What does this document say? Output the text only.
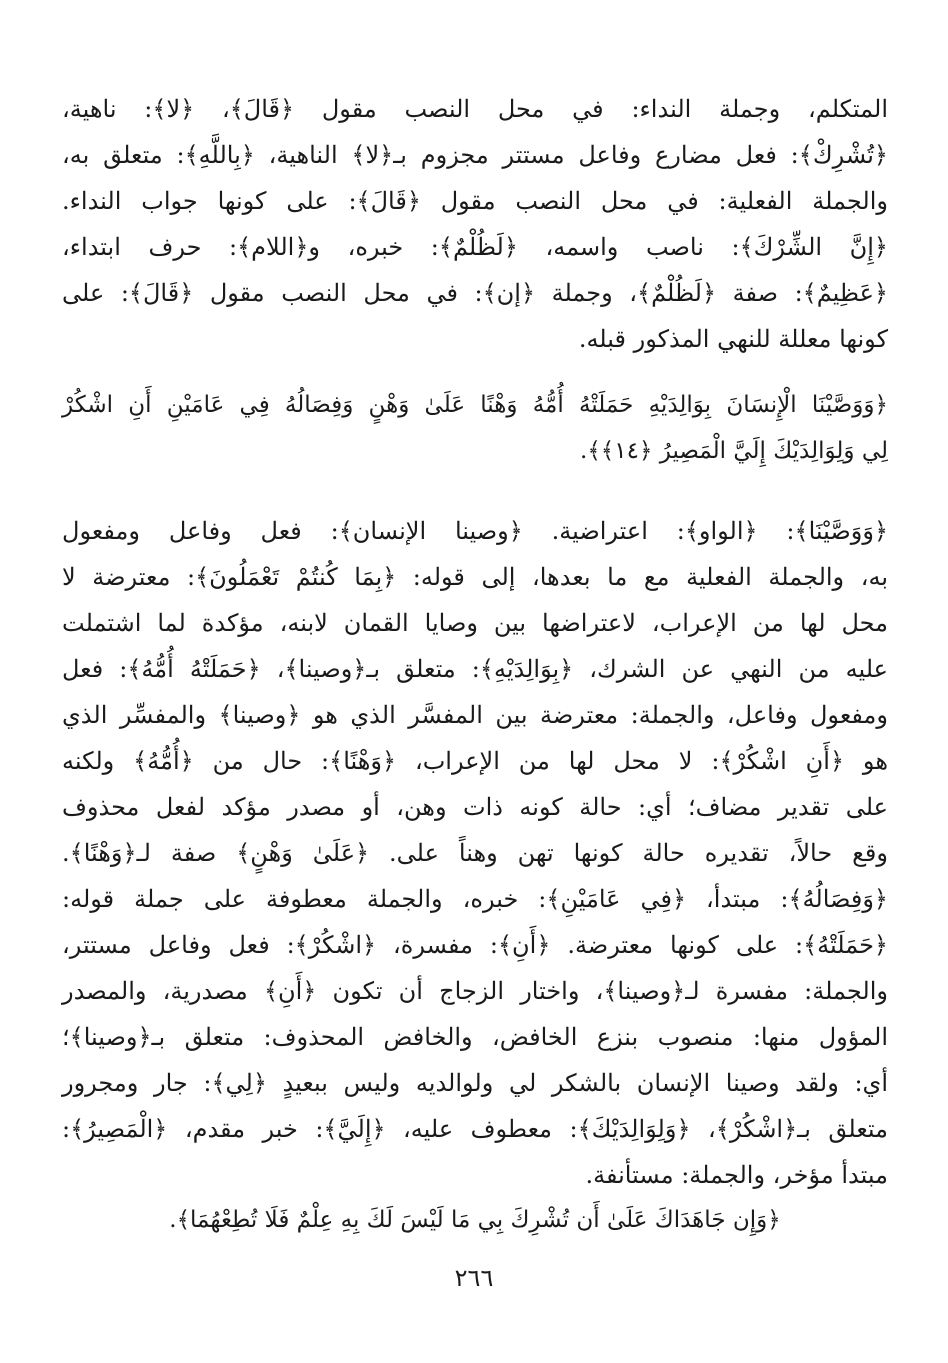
المتكلم، وجملة النداء: في محل النصب مقول ﴿قَالَ﴾، ﴿لا﴾: ناهية،
﴿تُشْرِكْ﴾: فعل مضارع وفاعل مستتر مجزوم بـ﴿لا﴾ الناهية، ﴿بِاللَّهِ﴾: متعلق به،
والجملة الفعلية: في محل النصب مقول ﴿قَالَ﴾: على كونها جواب النداء.
﴿إِنَّ الشِّرْكَ﴾: ناصب واسمه، ﴿لَظُلْمٌ﴾: خبره، و﴿اللام﴾: حرف ابتداء،
﴿عَظِيمٌ﴾: صفة ﴿لَظُلْمٌ﴾، وجملة ﴿إن﴾: في محل النصب مقول ﴿قَالَ﴾: على
كونها معللة للنهي المذكور قبله.
﴿وَوَصَّيْنَا الْإِنسَانَ بِوَالِدَيْهِ حَمَلَتْهُ أُمُّهُ وَهْنًا عَلَىٰ وَهْنٍ وَفِصَالُهُ فِي عَامَيْنِ أَنِ اشْكُرْ
لِي وَلِوَالِدَيْكَ إِلَيَّ الْمَصِيرُ ﴿١٤﴾﴾.
﴿وَوَصَّيْنَا﴾: ﴿الواو﴾: اعتراضية. ﴿وصينا الإنسان﴾: فعل وفاعل ومفعول
به، والجملة الفعلية مع ما بعدها، إلى قوله: ﴿بِمَا كُنتُمْ تَعْمَلُونَ﴾: معترضة لا
محل لها من الإعراب، لاعتراضها بين وصايا القمان لابنه، مؤكدة لما اشتملت
عليه من النهي عن الشرك، ﴿بِوَالِدَيْهِ﴾: متعلق بـ﴿وصينا﴾، ﴿حَمَلَتْهُ أُمُّهُ﴾: فعل
ومفعول وفاعل، والجملة: معترضة بين المفسَّر الذي هو ﴿وصينا﴾ والمفسِّر الذي
هو ﴿أَنِ اشْكُرْ﴾: لا محل لها من الإعراب، ﴿وَهْنًا﴾: حال من ﴿أُمُّهُ﴾ ولكنه
على تقدير مضاف؛ أي: حالة كونه ذات وهن، أو مصدر مؤكد لفعل محذوف
وقع حالاً، تقديره حالة كونها تهن وهناً على. ﴿عَلَىٰ وَهْنٍ﴾ صفة لـ﴿وَهْنًا﴾.
﴿وَفِصَالُهُ﴾: مبتدأ، ﴿فِي عَامَيْنِ﴾: خبره، والجملة معطوفة على جملة قوله:
﴿حَمَلَتْهُ﴾: على كونها معترضة. ﴿أَنِ﴾: مفسرة، ﴿اشْكُرْ﴾: فعل وفاعل مستتر،
والجملة: مفسرة لـ﴿وصينا﴾، واختار الزجاج أن تكون ﴿أَنِ﴾ مصدرية، والمصدر
المؤول منها: منصوب بنزع الخافض، والخافض المحذوف: متعلق بـ﴿وصينا﴾؛
أي: ولقد وصينا الإنسان بالشكر لي ولوالديه وليس ببعيدٍ ﴿لِي﴾: جار ومجرور
متعلق بـ﴿اشْكُرْ﴾، ﴿وَلِوَالِدَيْكَ﴾: معطوف عليه، ﴿إِلَيَّ﴾: خبر مقدم، ﴿الْمَصِيرُ﴾:
مبتدأ مؤخر، والجملة: مستأنفة.
﴿وَإِن جَاهَدَاكَ عَلَىٰ أَن تُشْرِكَ بِي مَا لَيْسَ لَكَ بِهِ عِلْمٌ فَلَا تُطِعْهُمَا﴾.
٢٦٦
